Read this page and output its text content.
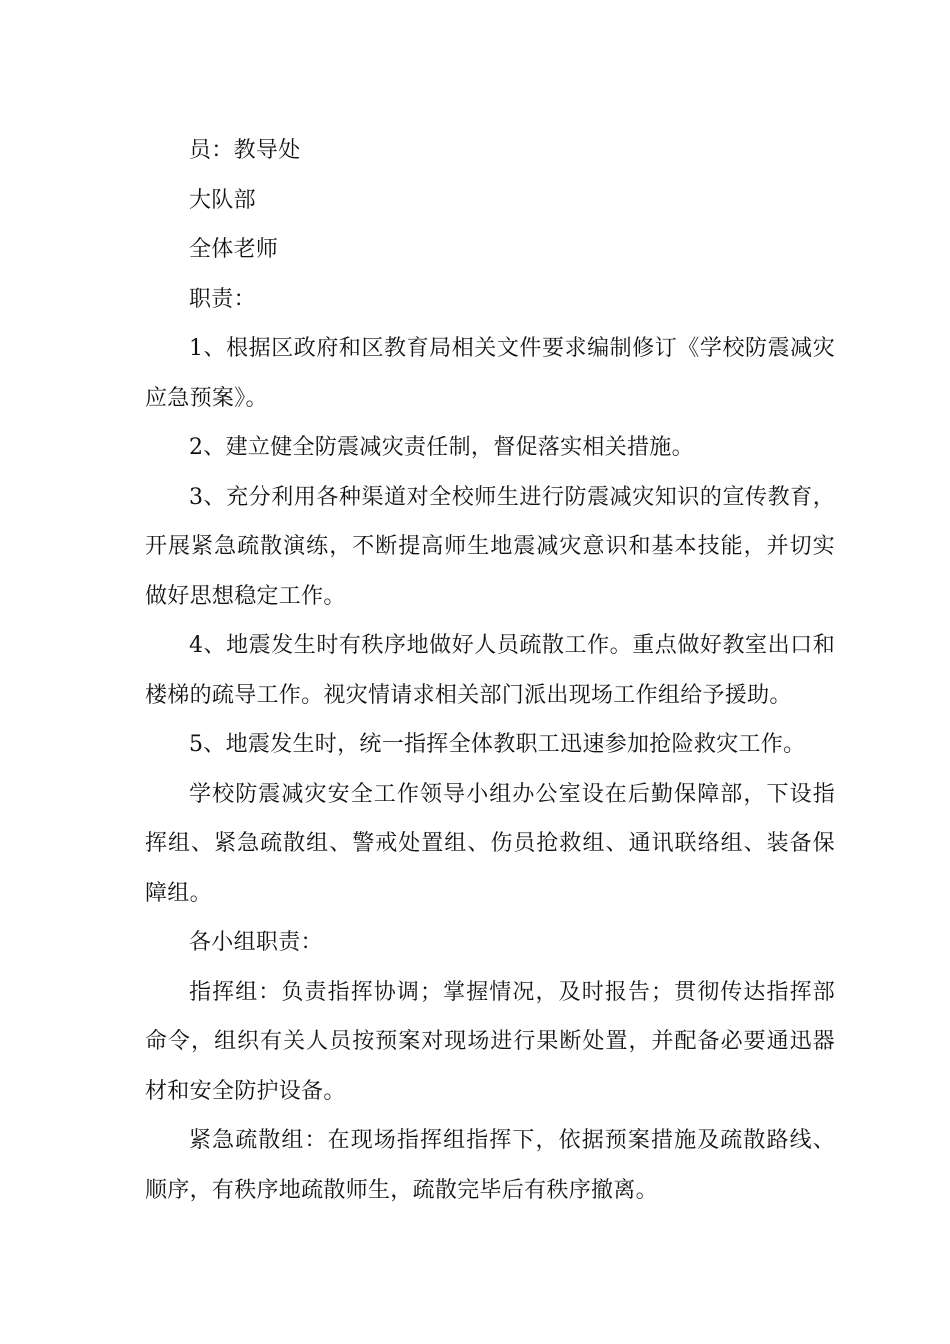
员：教导处

大队部

全体老师

职责：

1、根据区政府和区教育局相关文件要求编制修订《学校防震减灾应急预案》。

2、建立健全防震减灾责任制，督促落实相关措施。

3、充分利用各种渠道对全校师生进行防震减灾知识的宣传教育，开展紧急疏散演练，不断提高师生地震减灾意识和基本技能，并切实做好思想稳定工作。

4、地震发生时有秩序地做好人员疏散工作。重点做好教室出口和楼梯的疏导工作。视灾情请求相关部门派出现场工作组给予援助。

5、地震发生时，统一指挥全体教职工迅速参加抢险救灾工作。

学校防震减灾安全工作领导小组办公室设在后勤保障部，下设指挥组、紧急疏散组、警戒处置组、伤员抢救组、通讯联络组、装备保障组。

各小组职责：

指挥组：负责指挥协调；掌握情况，及时报告；贯彻传达指挥部命令，组织有关人员按预案对现场进行果断处置，并配备必要通迅器材和安全防护设备。

紧急疏散组：在现场指挥组指挥下，依据预案措施及疏散路线、顺序，有秩序地疏散师生，疏散完毕后有秩序撤离。
